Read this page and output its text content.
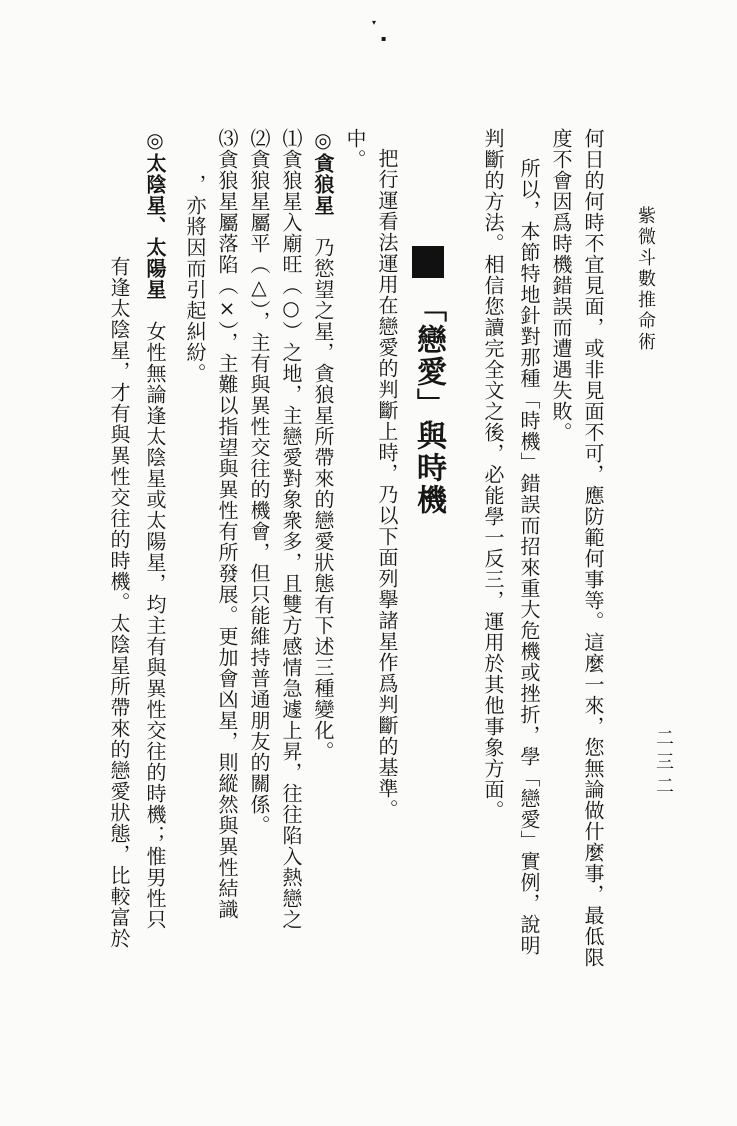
▾
▪
紫微斗數推命術
二三二
何日的何時不宜見面，或非見面不可，應防範何事等。這麼一來，您無論做什麼事，最低限
度不會因爲時機錯誤而遭遇失敗。
所以，本節特地針對那種「時機」錯誤而招來重大危機或挫折，學「戀愛」實例，說明
判斷的方法。相信您讀完全文之後，必能學一反三，運用於其他事象方面。
「戀愛」與時機
把行運看法運用在戀愛的判斷上時，乃以下面列擧諸星作爲判斷的基準。
中。
◎貪狼星　乃慾望之星，貪狼星所帶來的戀愛狀態有下述三種變化。
⑴貪狼星入廟旺（○）之地，主戀愛對象衆多，且雙方感情急遽上昇，往往陷入熱戀之
⑵貪狼星屬平（△），主有與異性交往的機會，但只能維持普通朋友的關係。
⑶貪狼星屬落陷（×），主難以指望與異性有所發展。更加會凶星，則縱然與異性結識
，亦將因而引起糾紛。
◎太陰星、太陽星　女性無論逢太陰星或太陽星，均主有與異性交往的時機；惟男性只
有逢太陰星，才有與異性交往的時機。太陰星所帶來的戀愛狀態，比較富於
